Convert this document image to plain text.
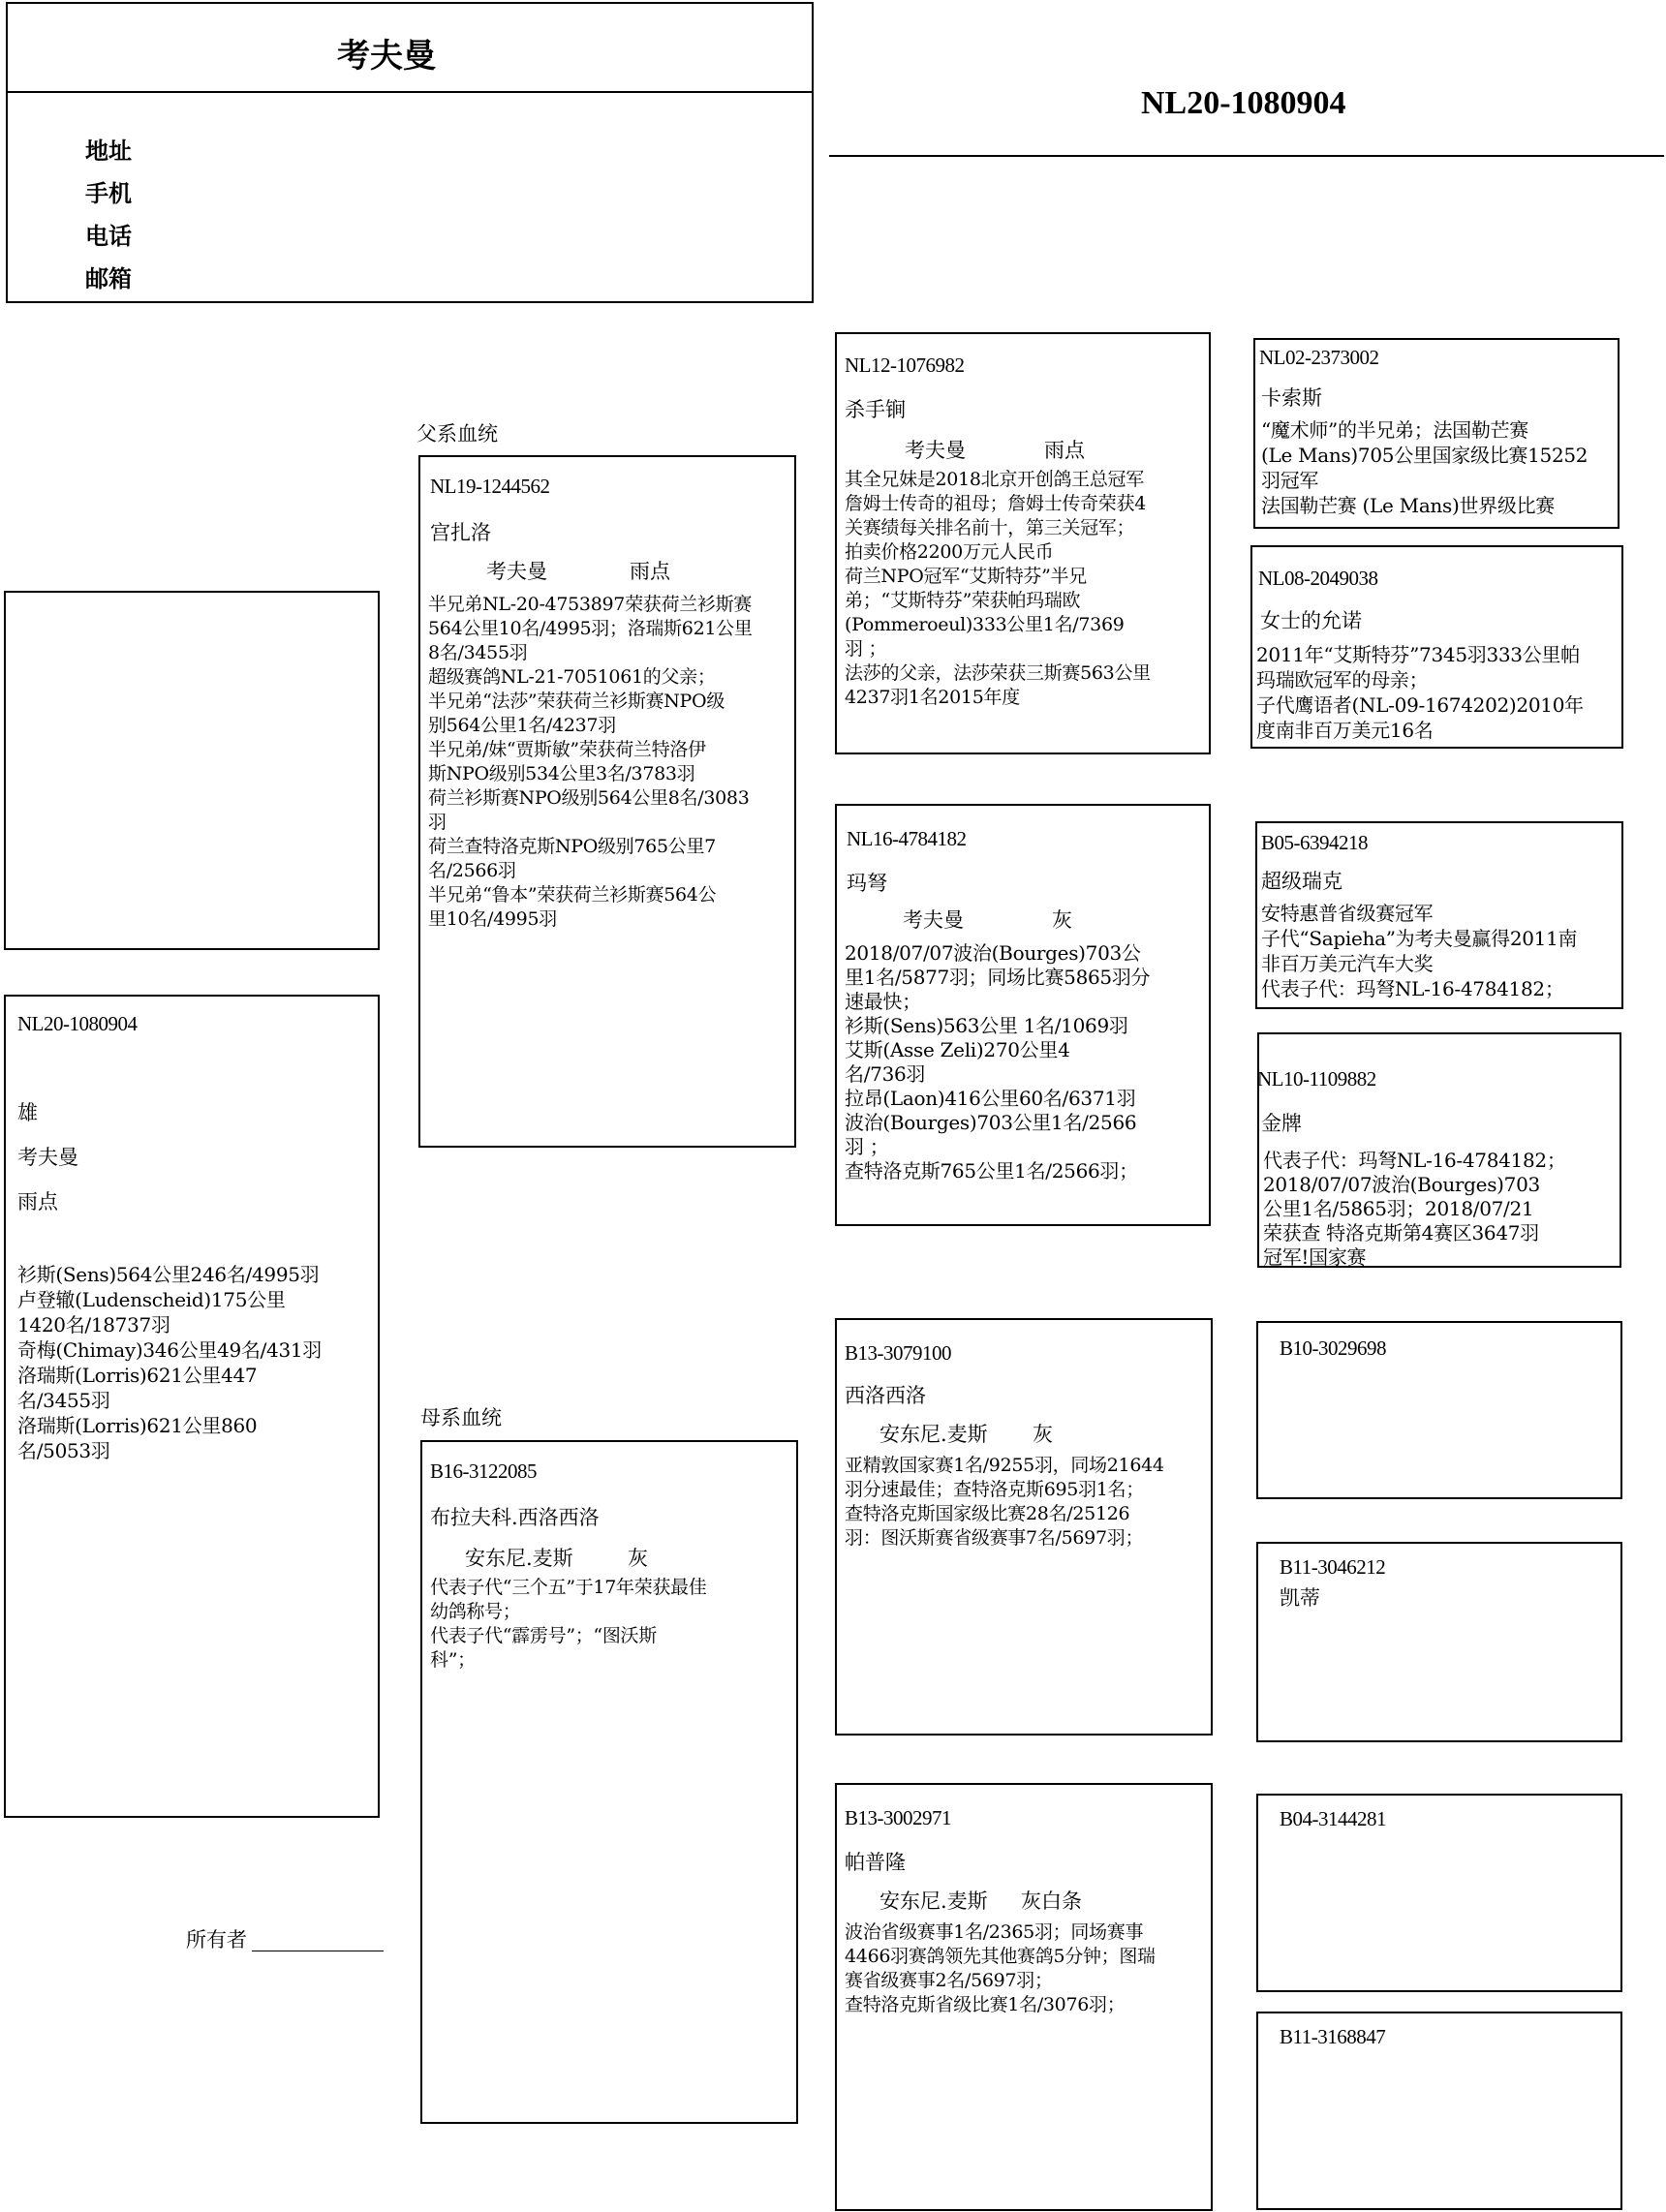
考夫曼
地址
手机
电话
邮箱
NL20-1080904
NL20-1080904
雄
考夫曼
雨点
衫斯(Sens)564公里246名/4995羽
卢登辙(Ludenscheid)175公里
1420名/18737羽
奇梅(Chimay)346公里49名/431羽
洛瑞斯(Lorris)621公里447
名/3455羽
洛瑞斯(Lorris)621公里860
名/5053羽
所有者
父系血统
NL19-1244562
宫扎洛
考夫曼	雨点
半兄弟NL-20-4753897荣获荷兰衫斯赛
564公里10名/4995羽；洛瑞斯621公里
8名/3455羽
超级赛鸽NL-21-7051061的父亲；
半兄弟“法莎”荣获荷兰衫斯赛NPO级
别564公里1名/4237羽
半兄弟/妹“贾斯敏”荣获荷兰特洛伊
斯NPO级别534公里3名/3783羽
荷兰衫斯赛NPO级别564公里8名/3083
羽
荷兰查特洛克斯NPO级别765公里7
名/2566羽
半兄弟“鲁本”荣获荷兰衫斯赛564公
里10名/4995羽
母系血统
B16-3122085
布拉夫科.西洛西洛
安东尼.麦斯	灰
代表子代“三个五”于17年荣获最佳
幼鸽称号；
代表子代“霹雳号”；“图沃斯
科”；
NL12-1076982
杀手锏
考夫曼	雨点
其全兄妹是2018北京开创鸽王总冠军
詹姆士传奇的祖母；詹姆士传奇荣获4
关赛绩每关排名前十，第三关冠军；
拍卖价格2200万元人民币
荷兰NPO冠军“艾斯特芬”半兄
弟；“艾斯特芬”荣获帕玛瑞欧
(Pommeroeul)333公里1名/7369
羽 ；
法莎的父亲，法莎荣获三斯赛563公里
4237羽1名2015年度
NL16-4784182
玛弩
考夫曼	灰
2018/07/07波治(Bourges)703公
里1名/5877羽；同场比赛5865羽分
速最快；
衫斯(Sens)563公里 1名/1069羽
艾斯(Asse Zeli)270公里4
名/736羽
拉昂(Laon)416公里60名/6371羽
波治(Bourges)703公里1名/2566
羽 ；
查特洛克斯765公里1名/2566羽；
B13-3079100
西洛西洛
安东尼.麦斯 灰
亚精敦国家赛1名/9255羽，同场21644
羽分速最佳；查特洛克斯695羽1名；
查特洛克斯国家级比赛28名/25126
羽：图沃斯赛省级赛事7名/5697羽；
B13-3002971
帕普隆
安东尼.麦斯 灰白条
波治省级赛事1名/2365羽；同场赛事
4466羽赛鸽领先其他赛鸽5分钟；图瑞
赛省级赛事2名/5697羽；
查特洛克斯省级比赛1名/3076羽；
NL02-2373002
卡索斯
“魔术师”的半兄弟；法国勒芒赛
(Le Mans)705公里国家级比赛15252
羽冠军
法国勒芒赛 (Le Mans)世界级比赛
NL08-2049038
女士的允诺
2011年“艾斯特芬”7345羽333公里帕
玛瑞欧冠军的母亲；
子代鹰语者(NL-09-1674202)2010年
度南非百万美元16名
B05-6394218
超级瑞克
安特惠普省级赛冠军
子代“Sapieha”为考夫曼赢得2011南
非百万美元汽车大奖
代表子代：玛弩NL-16-4784182；
NL10-1109882
金牌
代表子代：玛弩NL-16-4784182；
2018/07/07波治(Bourges)703
公里1名/5865羽；2018/07/21
荣获查 特洛克斯第4赛区3647羽
冠军!国家赛
B10-3029698
B11-3046212
凯蒂
B04-3144281
B11-3168847
